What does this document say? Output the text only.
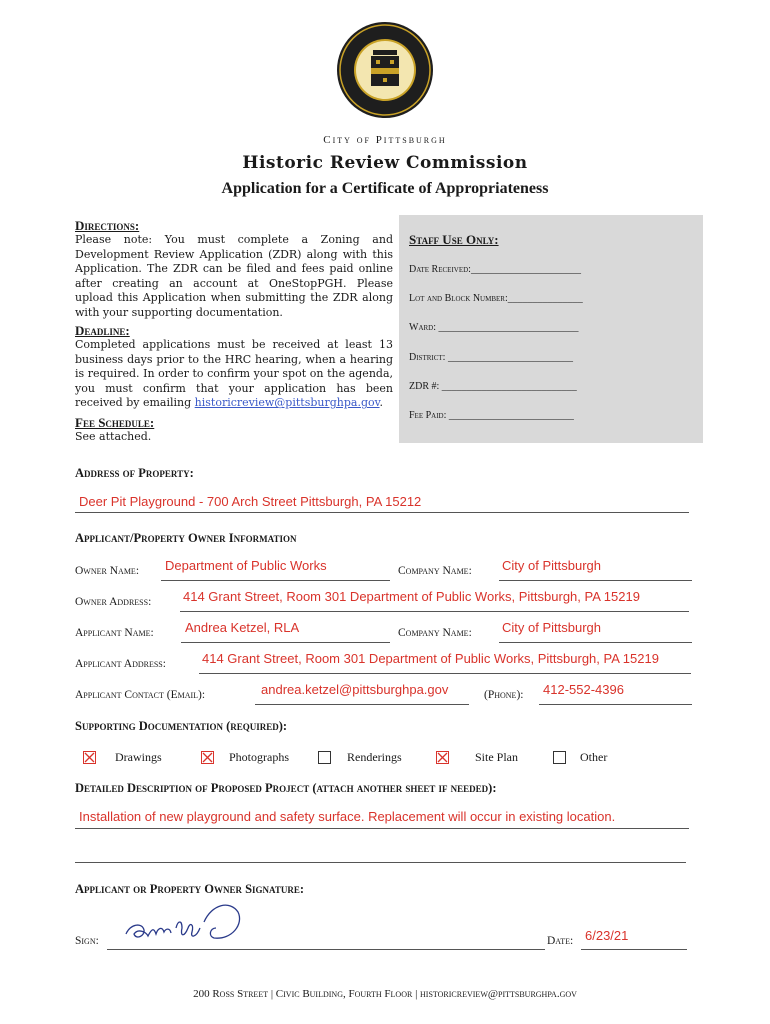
City of Pittsburgh
Historic Review Commission
Application for a Certificate of Appropriateness
Directions:
Please note: You must complete a Zoning and Development Review Application (ZDR) along with this Application. The ZDR can be filed and fees paid online after creating an account at OneStopPGH. Please upload this Application when submitting the ZDR along with your supporting documentation.
Deadline:
Completed applications must be received at least 13 business days prior to the HRC hearing, when a hearing is required. In order to confirm your spot on the agenda, you must confirm that your application has been received by emailing historicreview@pittsburghpa.gov.
Fee Schedule:
See attached.
Staff Use Only:
Date Received:______________________
Lot and Block Number:_______________
Ward: ____________________________
District: _________________________
ZDR #: ___________________________
Fee Paid: _________________________
Address of Property:
Deer Pit Playground - 700 Arch Street Pittsburgh, PA 15212
Applicant/Property Owner Information
Owner Name: Department of Public Works	Company Name: City of Pittsburgh
Owner Address: 414 Grant Street, Room 301 Department of Public Works, Pittsburgh, PA 15219
Applicant Name: Andrea Ketzel, RLA	Company Name: City of Pittsburgh
Applicant Address:	414 Grant Street, Room 301 Department of Public Works, Pittsburgh, PA 15219
Applicant Contact (Email):	andrea.ketzel@pittsburghpa.gov	(Phone): 412-552-4396
Supporting Documentation (required):
Drawings	Photographs	Renderings	Site Plan	Other
Detailed Description of Proposed Project (attach another sheet if needed):
Installation of new playground and safety surface. Replacement will occur in existing location.
Applicant or Property Owner Signature:
Sign:	Date: 6/23/21
200 Ross Street | Civic Building, Fourth Floor | historicreview@pittsburghpa.gov
